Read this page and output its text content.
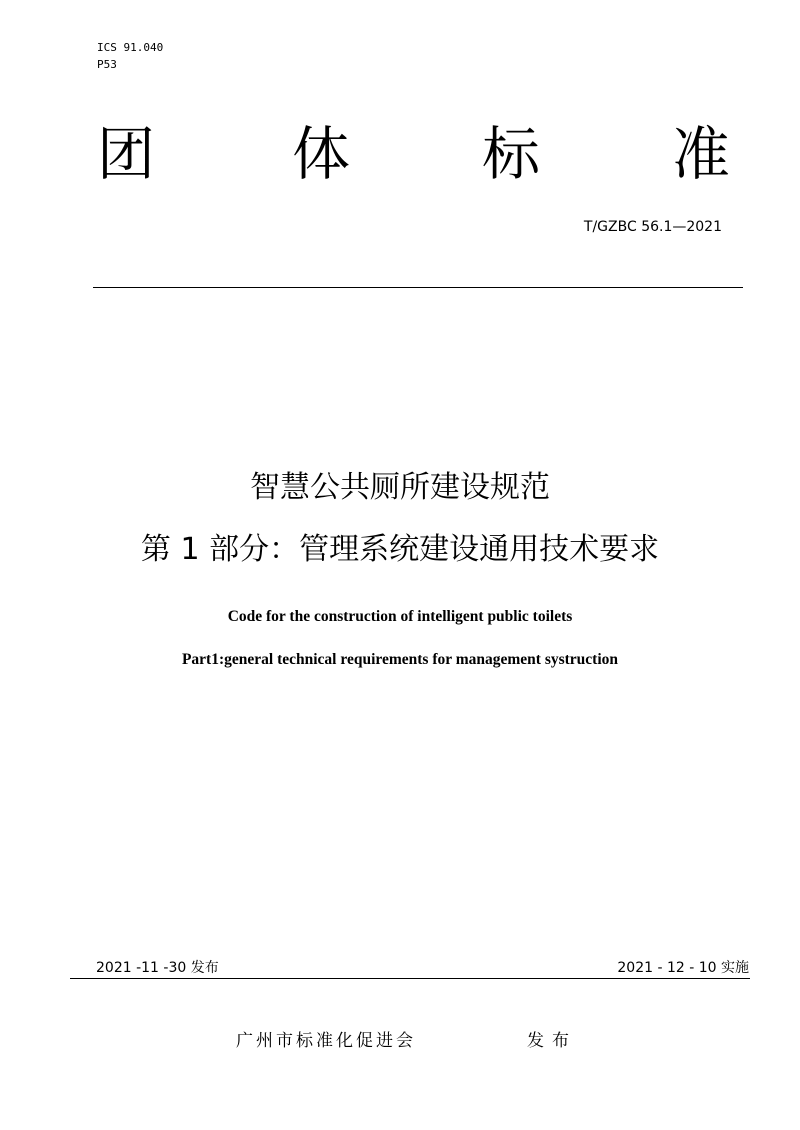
ICS 91.040
P53
团 体 标 准
T/GZBC 56.1—2021
智慧公共厕所建设规范
第 1 部分：管理系统建设通用技术要求
Code for the construction of intelligent public toilets
Part1:general technical requirements for management systruction
2021 -11 -30 发布	2021 - 12 - 10 实施
广州市标准化促进会	发布
